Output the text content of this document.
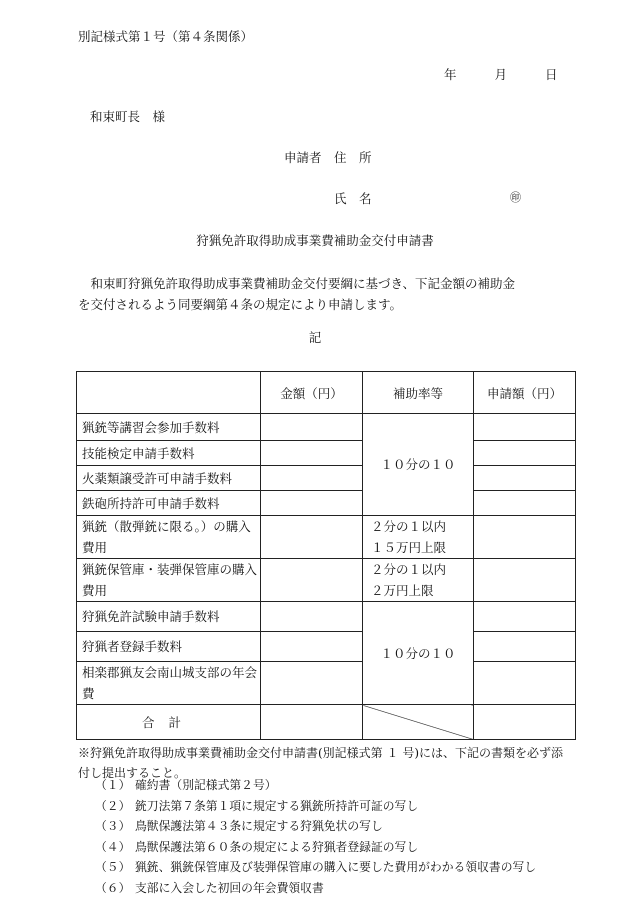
別記様式第１号（第４条関係）
年	月	日
和束町長　様
申請者　住　所
氏　名	㊞
狩猟免許取得助成事業費補助金交付申請書
　和束町狩猟免許取得助成事業費補助金交付要綱に基づき、下記金額の補助金
を交付されるよう同要綱第４条の規定により申請します。
記
	金額（円）	補助率等	申請額（円）
猟銃等講習会参加手数料		１０分の１０	
技能検定申請手数料			
火薬類譲受許可申請手数料			
鉄砲所持許可申請手数料			
猟銃（散弾銃に限る。）の購入費用		２分の１以内
１５万円上限	

猟銃保管庫・装弾保管庫の購入費用		２分の１以内
２万円上限	

狩猟免許試験申請手数料		１０分の１０	
狩猟者登録手数料			
相楽郡猟友会南山城支部の年会費			
合計			
※狩猟免許取得助成事業費補助金交付申請書(別記様式第 １ 号)には、下記の書類を必ず添
付し提出すること。
（１） 確約書（別記様式第２号）
（２） 銃刀法第７条第１項に規定する猟銃所持許可証の写し
（３） 鳥獣保護法第４３条に規定する狩猟免状の写し
（４） 鳥獣保護法第６０条の規定による狩猟者登録証の写し
（５） 猟銃、猟銃保管庫及び装弾保管庫の購入に要した費用がわかる領収書の写し
（６） 支部に入会した初回の年会費領収書
